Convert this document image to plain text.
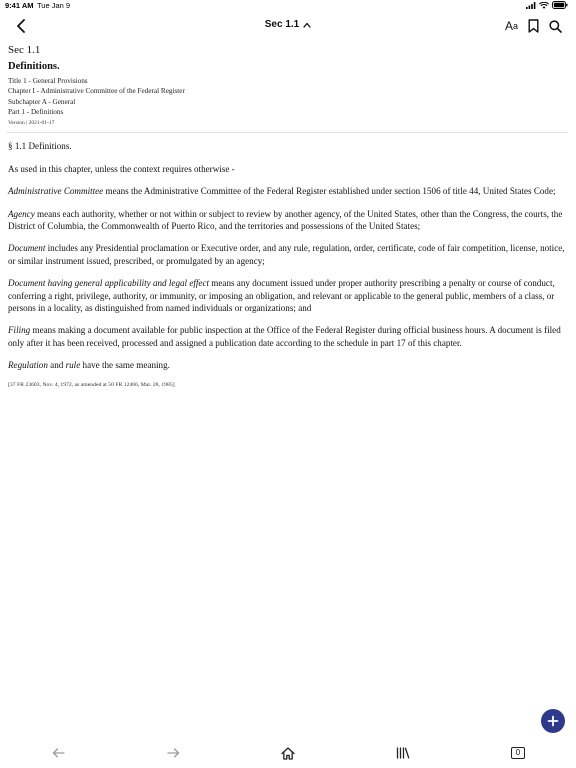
9:41 AM Tue Jan 9
Sec 1.1	A a
Sec 1.1
Definitions.
Title 1 - General Provisions
Chapter I - Administrative Committee of the Federal Register
Subchapter A - General
Part 1 - Definitions
Version | 2021-01-17

§ 1.1 Definitions.

As used in this chapter, unless the context requires otherwise -

Administrative Committee means the Administrative Committee of the Federal Register established under section 1506 of title 44, United States Code;

Agency means each authority, whether or not within or subject to review by another agency, of the United States, other than the Congress, the courts, the District of Columbia, the Commonwealth of Puerto Rico, and the territories and possessions of the United States;

Document includes any Presidential proclamation or Executive order, and any rule, regulation, order, certificate, code of fair competition, license, notice, or similar instrument issued, prescribed, or promulgated by an agency;

Document having general applicability and legal effect means any document issued under proper authority prescribing a penalty or course of conduct, conferring a right, privilege, authority, or immunity, or imposing an obligation, and relevant or applicable to the general public, members of a class, or persons in a locality, as distinguished from named individuals or organizations; and

Filing means making a document available for public inspection at the Office of the Federal Register during official business hours. A document is filed only after it has been received, processed and assigned a publication date according to the schedule in part 17 of this chapter.

Regulation and rule have the same meaning.

[37 FR 23603, Nov. 4, 1972, as amended at 50 FR 12466, Mar. 28, 1985]
0
